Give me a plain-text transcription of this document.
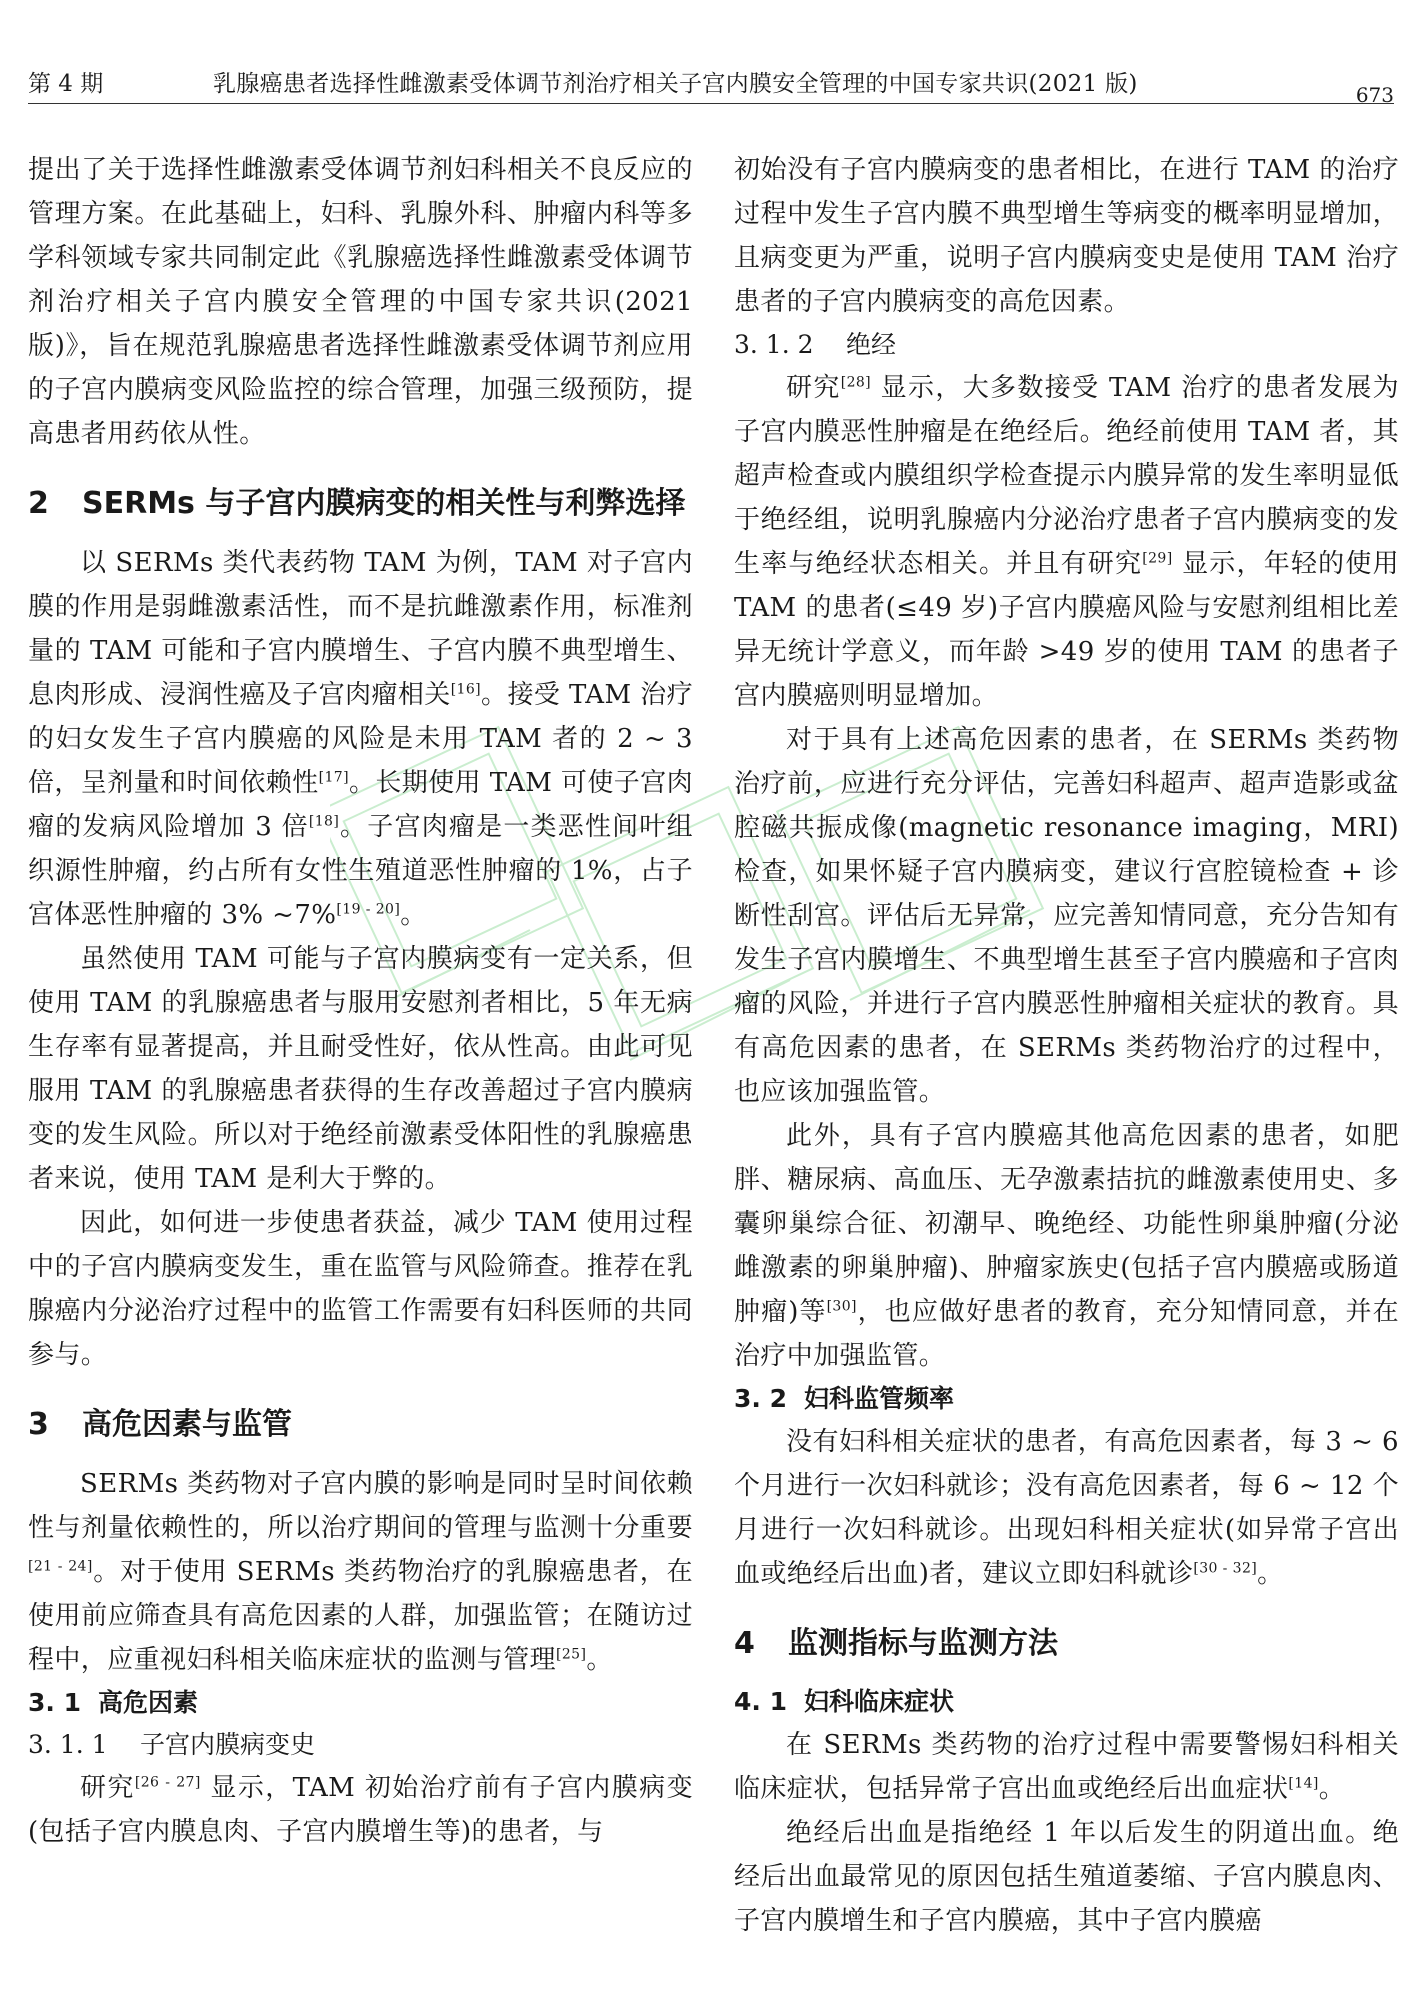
第 4 期	乳腺癌患者选择性雌激素受体调节剂治疗相关子宫内膜安全管理的中国专家共识(2021 版)	673

提出了关于选择性雌激素受体调节剂妇科相关不良反应的管理方案。在此基础上，妇科、乳腺外科、肿瘤内科等多学科领域专家共同制定此《乳腺癌选择性雌激素受体调节剂治疗相关子宫内膜安全管理的中国专家共识(2021 版)》，旨在规范乳腺癌患者选择性雌激素受体调节剂应用的子宫内膜病变风险监控的综合管理，加强三级预防，提高患者用药依从性。

2 SERMs 与子宫内膜病变的相关性与利弊选择

以 SERMs 类代表药物 TAM 为例，TAM 对子宫内膜的作用是弱雌激素活性，而不是抗雌激素作用，标准剂量的 TAM 可能和子宫内膜增生、子宫内膜不典型增生、息肉形成、浸润性癌及子宫肉瘤相关[16]。接受 TAM 治疗的妇女发生子宫内膜癌的风险是未用 TAM 者的 2 ~ 3 倍，呈剂量和时间依赖性[17]。长期使用 TAM 可使子宫肉瘤的发病风险增加 3 倍[18]。子宫肉瘤是一类恶性间叶组织源性肿瘤，约占所有女性生殖道恶性肿瘤的 1%，占子宫体恶性肿瘤的 3% ~7%[19 - 20]。

虽然使用 TAM 可能与子宫内膜病变有一定关系，但使用 TAM 的乳腺癌患者与服用安慰剂者相比，5 年无病生存率有显著提高，并且耐受性好，依从性高。由此可见服用 TAM 的乳腺癌患者获得的生存改善超过子宫内膜病变的发生风险。所以对于绝经前激素受体阳性的乳腺癌患者来说，使用 TAM 是利大于弊的。

因此，如何进一步使患者获益，减少 TAM 使用过程中的子宫内膜病变发生，重在监管与风险筛查。推荐在乳腺癌内分泌治疗过程中的监管工作需要有妇科医师的共同参与。

3 高危因素与监管

SERMs 类药物对子宫内膜的影响是同时呈时间依赖性与剂量依赖性的，所以治疗期间的管理与监测十分重要[21 - 24]。对于使用 SERMs 类药物治疗的乳腺癌患者，在使用前应筛查具有高危因素的人群，加强监管；在随访过程中，应重视妇科相关临床症状的监测与管理[25]。

3. 1 高危因素
3. 1. 1 子宫内膜病变史

研究[26 - 27] 显示，TAM 初始治疗前有子宫内膜病变(包括子宫内膜息肉、子宫内膜增生等)的患者，与

初始没有子宫内膜病变的患者相比，在进行 TAM 的治疗过程中发生子宫内膜不典型增生等病变的概率明显增加，且病变更为严重，说明子宫内膜病变史是使用 TAM 治疗患者的子宫内膜病变的高危因素。

3. 1. 2 绝经

研究[28] 显示，大多数接受 TAM 治疗的患者发展为子宫内膜恶性肿瘤是在绝经后。绝经前使用 TAM 者，其超声检查或内膜组织学检查提示内膜异常的发生率明显低于绝经组，说明乳腺癌内分泌治疗患者子宫内膜病变的发生率与绝经状态相关。并且有研究[29] 显示，年轻的使用 TAM 的患者(≤49 岁)子宫内膜癌风险与安慰剂组相比差异无统计学意义，而年龄 >49 岁的使用 TAM 的患者子宫内膜癌则明显增加。

对于具有上述高危因素的患者，在 SERMs 类药物治疗前，应进行充分评估，完善妇科超声、超声造影或盆腔磁共振成像(magnetic resonance imaging，MRI)检查，如果怀疑子宫内膜病变，建议行宫腔镜检查 + 诊断性刮宫。评估后无异常，应完善知情同意，充分告知有发生子宫内膜增生、不典型增生甚至子宫内膜癌和子宫肉瘤的风险，并进行子宫内膜恶性肿瘤相关症状的教育。具有高危因素的患者，在 SERMs 类药物治疗的过程中，也应该加强监管。

此外，具有子宫内膜癌其他高危因素的患者，如肥胖、糖尿病、高血压、无孕激素拮抗的雌激素使用史、多囊卵巢综合征、初潮早、晚绝经、功能性卵巢肿瘤(分泌雌激素的卵巢肿瘤)、肿瘤家族史(包括子宫内膜癌或肠道肿瘤)等[30]，也应做好患者的教育，充分知情同意，并在治疗中加强监管。

3. 2 妇科监管频率

没有妇科相关症状的患者，有高危因素者，每 3 ~ 6 个月进行一次妇科就诊；没有高危因素者，每 6 ~ 12 个月进行一次妇科就诊。出现妇科相关症状(如异常子宫出血或绝经后出血)者，建议立即妇科就诊[30 - 32]。

4 监测指标与监测方法
4. 1 妇科临床症状

在 SERMs 类药物的治疗过程中需要警惕妇科相关临床症状，包括异常子宫出血或绝经后出血症状[14]。

绝经后出血是指绝经 1 年以后发生的阴道出血。绝经后出血最常见的原因包括生殖道萎缩、子宫内膜息肉、子宫内膜增生和子宫内膜癌，其中子宫内膜癌
